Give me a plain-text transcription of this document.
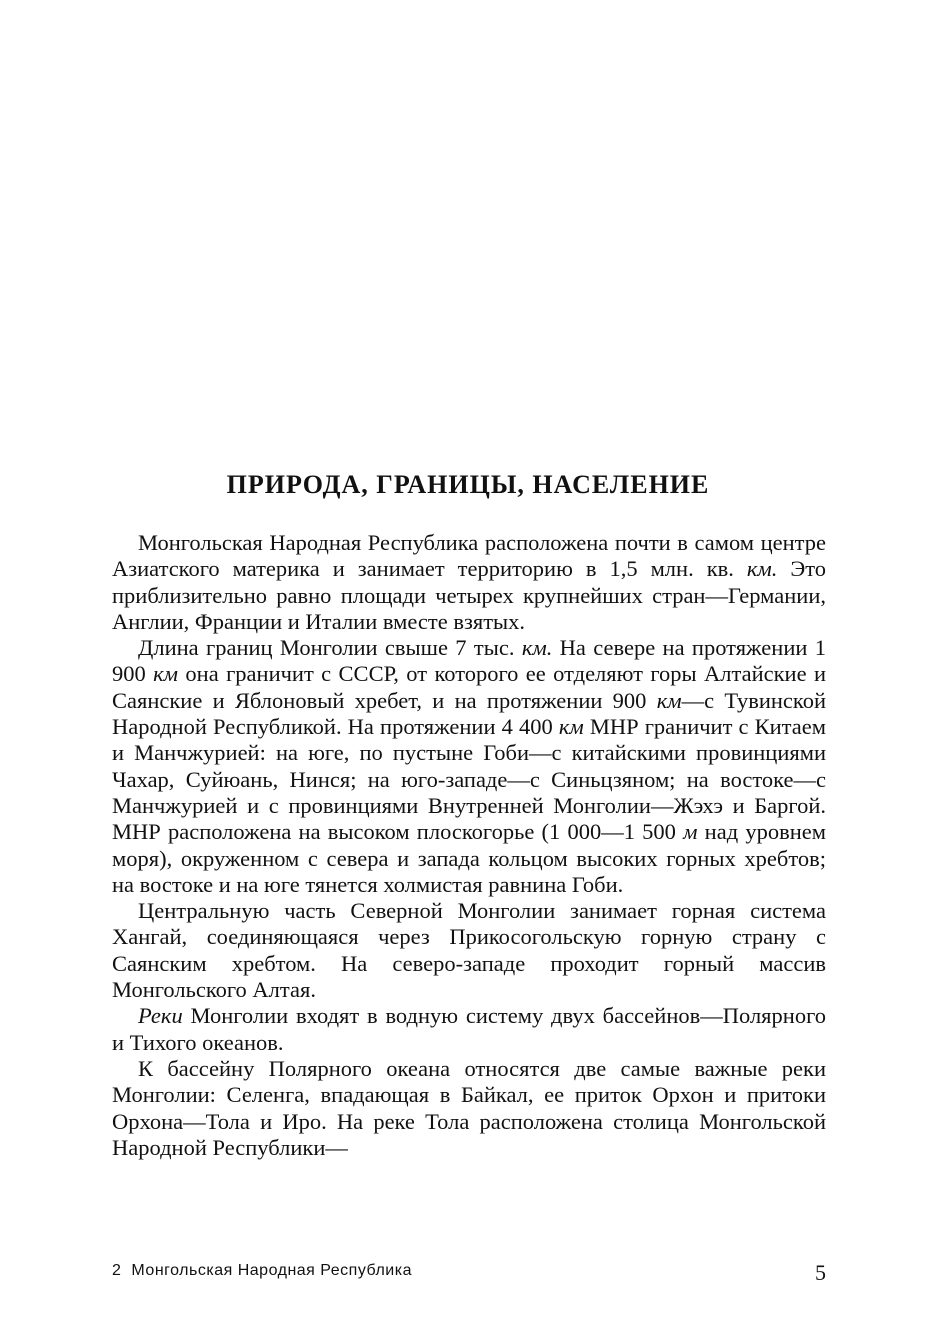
ПРИРОДА, ГРАНИЦЫ, НАСЕЛЕНИЕ

Монгольская Народная Республика расположена почти в самом центре Азиатского материка и занимает территорию в 1,5 млн. кв. км. Это приблизительно равно площади четырех крупнейших стран—Германии, Англии, Франции и Италии вместе взятых.

Длина границ Монголии свыше 7 тыс. км. На севере на протяжении 1 900 км она граничит с СССР, от которого ее отделяют горы Алтайские и Саянские и Яблоновый хребет, и на протяжении 900 км—с Тувинской Народной Республикой. На протяжении 4 400 км МНР граничит с Китаем и Манчжурией: на юге, по пустыне Гоби—с китайскими провинциями Чахар, Суйюань, Нинся; на юго-западе—с Синьцзяном; на востоке—с Манчжурией и с провинциями Внутренней Монголии—Жэхэ и Баргой. МНР расположена на высоком плоскогорье (1 000—1 500 м над уровнем моря), окруженном с севера и запада кольцом высоких горных хребтов; на востоке и на юге тянется холмистая равнина Гоби.

Центральную часть Северной Монголии занимает горная система Хангай, соединяющаяся через Прикосогольскую горную страну с Саянским хребтом. На северо-западе проходит горный массив Монгольского Алтая.

Реки Монголии входят в водную систему двух бассейнов—Полярного и Тихого океанов.

К бассейну Полярного океана относятся две самые важные реки Монголии: Селенга, впадающая в Байкал, ее приток Орхон и притоки Орхона—Тола и Иро. На реке Тола расположена столица Монгольской Народной Республики—

2 Монгольская Народная Республика	5
